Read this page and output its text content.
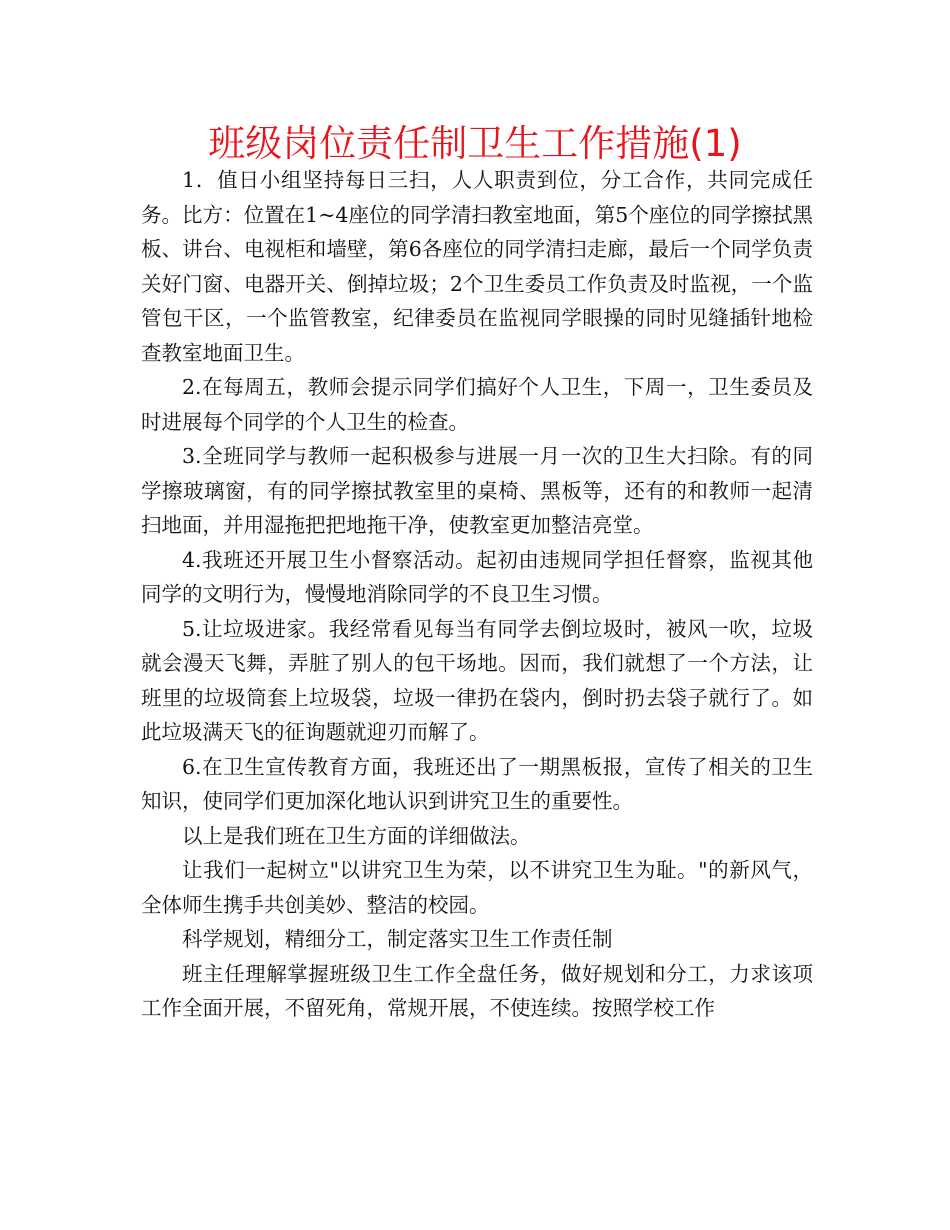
班级岗位责任制卫生工作措施(1)

1．值日小组坚持每日三扫，人人职责到位，分工合作，共同完成任务。比方：位置在1~4座位的同学清扫教室地面，第5个座位的同学擦拭黑板、讲台、电视柜和墙壁，第6各座位的同学清扫走廊，最后一个同学负责关好门窗、电器开关、倒掉垃圾；2个卫生委员工作负责及时监视，一个监管包干区，一个监管教室，纪律委员在监视同学眼操的同时见缝插针地检查教室地面卫生。

2.在每周五，教师会提示同学们搞好个人卫生，下周一，卫生委员及时进展每个同学的个人卫生的检查。

3.全班同学与教师一起积极参与进展一月一次的卫生大扫除。有的同　学擦玻璃窗，有的同学擦拭教室里的桌椅、黑板等，还有的和教师一起清扫地面，并用湿拖把把地拖干净，使教室更加整洁亮堂。

4.我班还开展卫生小督察活动。起初由违规同学担任督察，监视其他同学的文明行为，慢慢地消除同学的不良卫生习惯。

5.让垃圾进家。我经常看见每当有同学去倒垃圾时，被风一吹，垃圾就会漫天飞舞，弄脏了别人的包干场地。因而，我们就想了一个方法，让班里的垃圾筒套上垃圾袋，垃圾一律扔在袋内，倒时扔去袋子就行了。如此垃圾满天飞的征询题就迎刃而解了。

6.在卫生宣传教育方面，我班还出了一期黑板报，宣传了相关的卫生知识，使同学们更加深化地认识到讲究卫生的重要性。

以上是我们班在卫生方面的详细做法。

让我们一起树立"以讲究卫生为荣，以不讲究卫生为耻。"的新风气，全体师生携手共创美妙、整洁的校园。

科学规划，精细分工，制定落实卫生工作责任制

班主任理解掌握班级卫生工作全盘任务，做好规划和分工，力求该项工作全面开展，不留死角，常规开展，不使连续。按照学校工作
